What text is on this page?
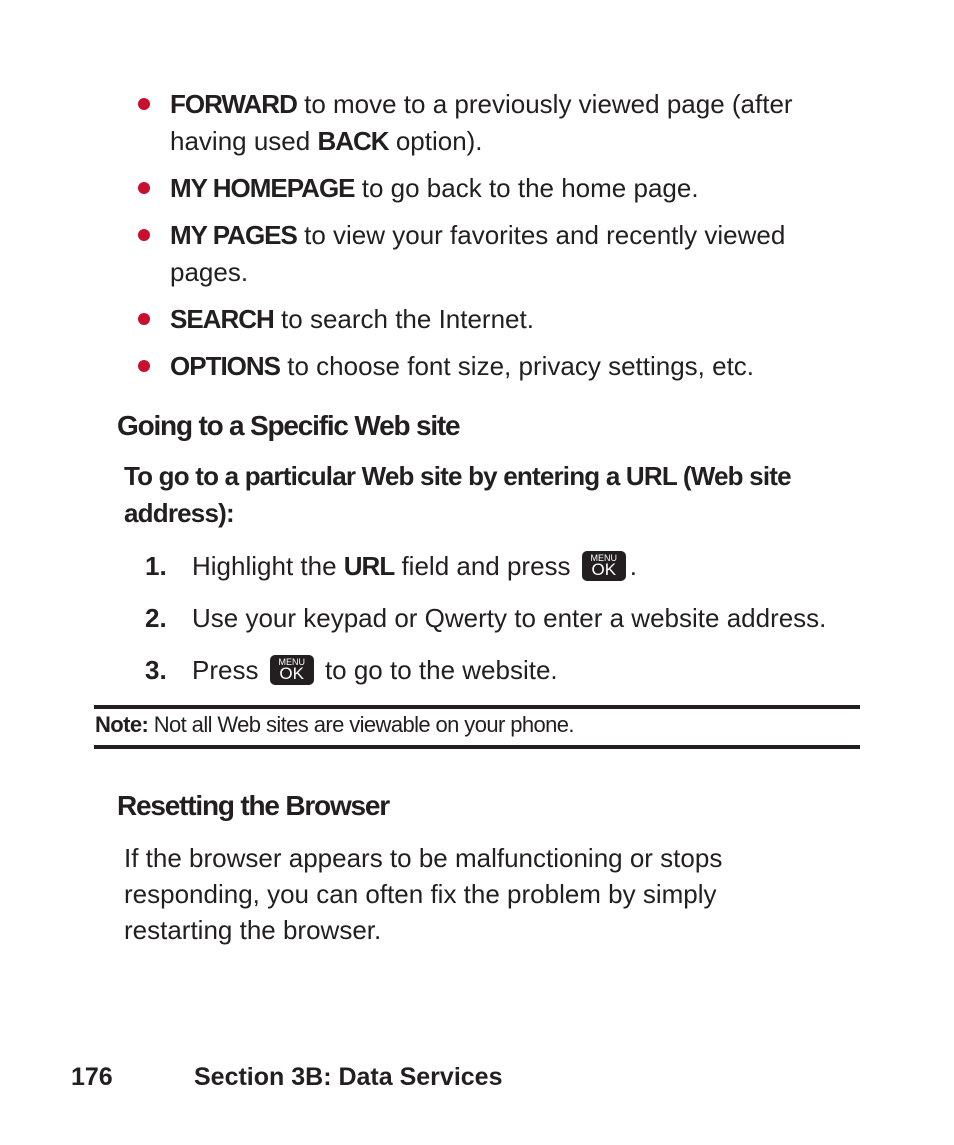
FORWARD to move to a previously viewed page (after having used BACK option).
MY HOMEPAGE to go back to the home page.
MY PAGES to view your favorites and recently viewed pages.
SEARCH to search the Internet.
OPTIONS to choose font size, privacy settings, etc.
Going to a Specific Web site

To go to a particular Web site by entering a URL (Web site address):

1. Highlight the URL field and press	MENU
OK .
2. Use your keypad or Qwerty to enter a website address.
3. Press	MENU
OK to go to the website.

Note: Not all Web sites are viewable on your phone.

Resetting the Browser

If the browser appears to be malfunctioning or stops responding, you can often fix the problem by simply restarting the browser.

176	Section 3B: Data Services
